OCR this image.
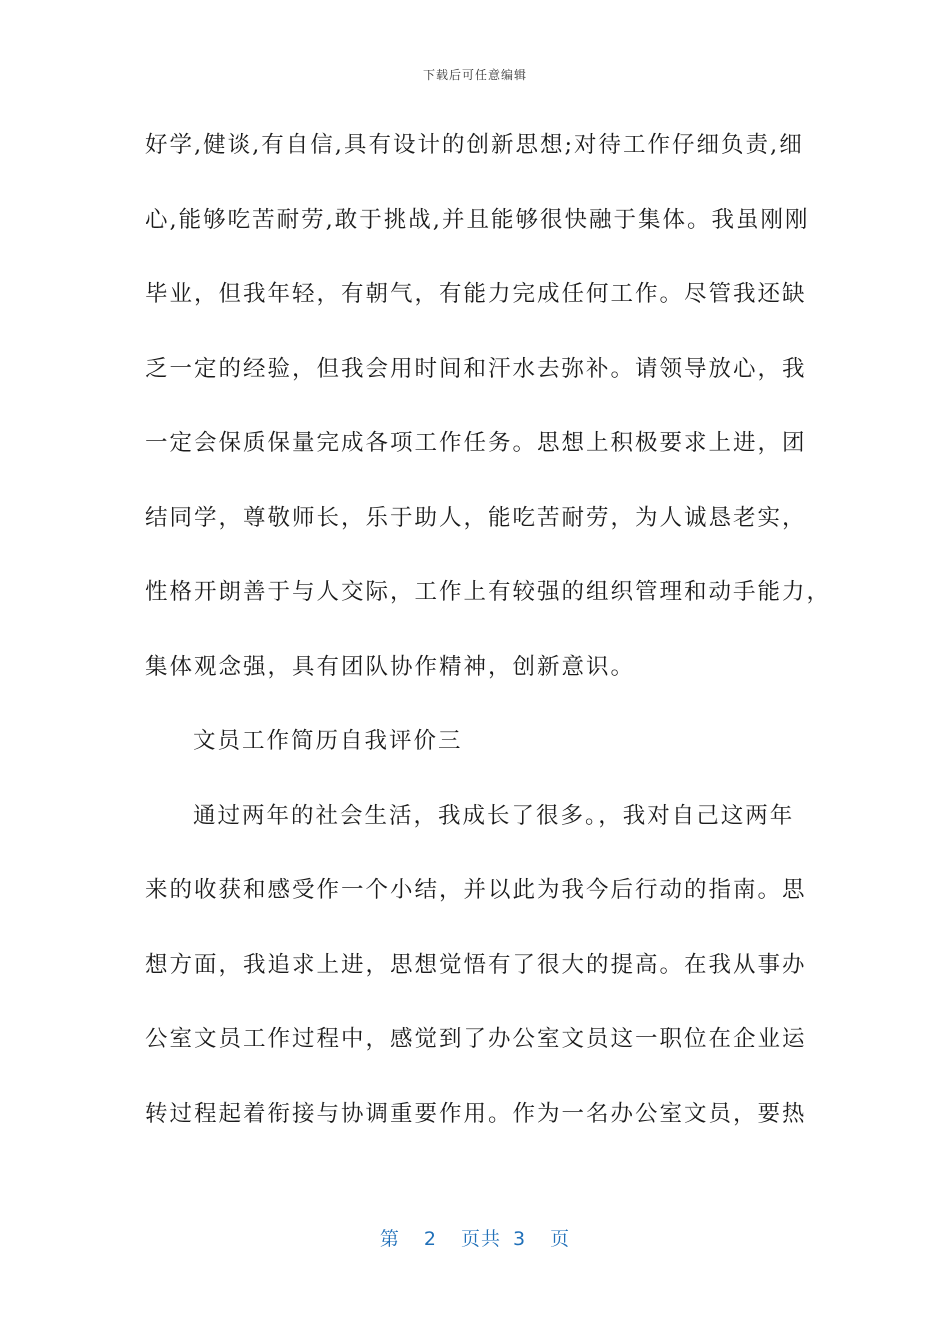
下载后可任意编辑
好学,健谈,有自信,具有设计的创新思想;对待工作仔细负责,细
心,能够吃苦耐劳,敢于挑战,并且能够很快融于集体。我虽刚刚
毕业，但我年轻，有朝气，有能力完成任何工作。尽管我还缺
乏一定的经验，但我会用时间和汗水去弥补。请领导放心，我
一定会保质保量完成各项工作任务。思想上积极要求上进，团
结同学，尊敬师长，乐于助人，能吃苦耐劳，为人诚恳老实，
性格开朗善于与人交际，工作上有较强的组织管理和动手能力，
集体观念强，具有团队协作精神，创新意识。
文员工作简历自我评价三
通过两年的社会生活，我成长了很多。，我对自己这两年
来的收获和感受作一个小结，并以此为我今后行动的指南。思
想方面，我追求上进，思想觉悟有了很大的提高。在我从事办
公室文员工作过程中，感觉到了办公室文员这一职位在企业运
转过程起着衔接与协调重要作用。作为一名办公室文员，要热
第 2 页共 3 页
